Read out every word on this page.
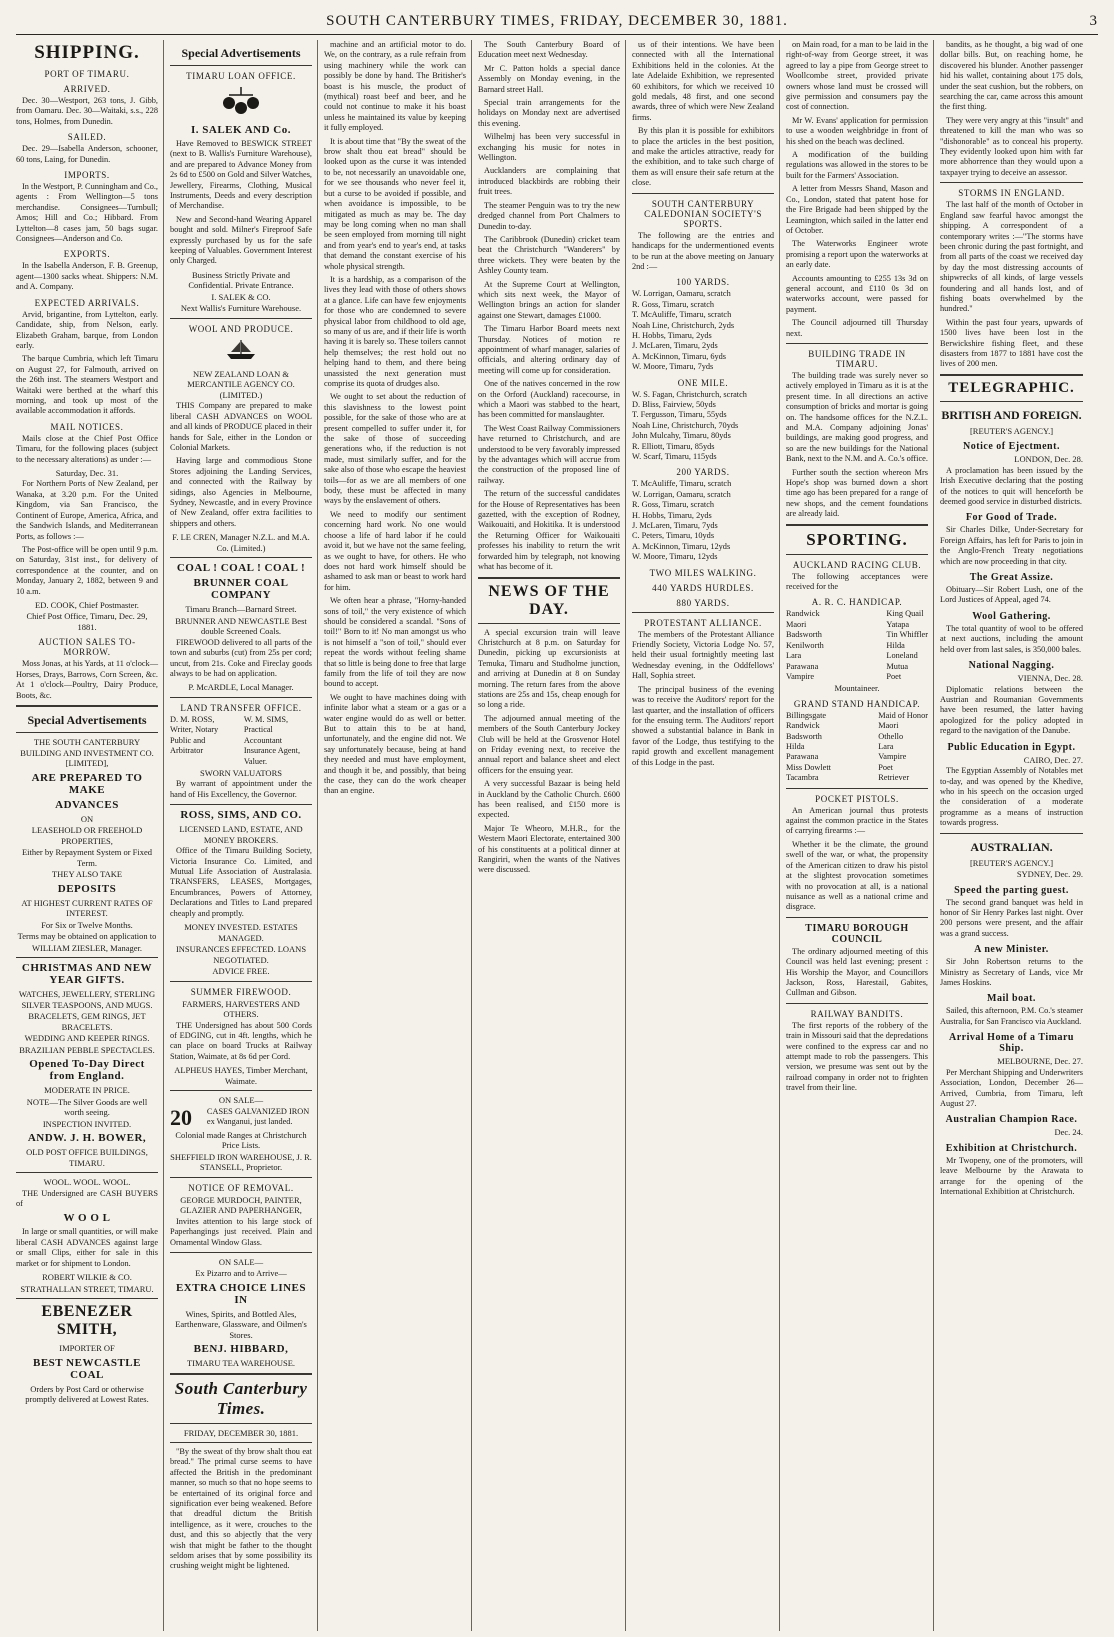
SOUTH CANTERBURY TIMES, FRIDAY, DECEMBER 30, 1881.	3
SHIPPING.
PORT OF TIMARU.
ARRIVED.

Dec. 30—Westport, 263 tons, J. Gibb, from Oamaru. Dec. 30—Waitaki, s.s., 228 tons, Holmes, from Dunedin.

SAILED.

Dec. 29—Isabella Anderson, schooner, 60 tons, Laing, for Dunedin.

IMPORTS.

In the Westport, P. Cunningham and Co., agents : From Wellington—5 tons merchandise. Consignees—Turnbull; Amos; Hill and Co.; Hibbard. From Lyttelton—8 cases jam, 50 bags sugar. Consignees—Anderson and Co.

EXPORTS.

In the Isabella Anderson, F. B. Greenup, agent—1300 sacks wheat. Shippers: N.M. and A. Company.

EXPECTED ARRIVALS.

Arvid, brigantine, from Lyttelton, early. Candidate, ship, from Nelson, early. Elizabeth Graham, barque, from London early.

The barque Cumbria, which left Timaru on August 27, for Falmouth, arrived on the 26th inst. The steamers Westport and Waitaki were berthed at the wharf this morning, and took up most of the available accommodation it affords.

MAIL NOTICES.

Mails close at the Chief Post Office Timaru, for the following places (subject to the necessary alterations) as under :—

Saturday, Dec. 31.

For Northern Ports of New Zealand, per Wanaka, at 3.20 p.m. For the United Kingdom, via San Francisco, the Continent of Europe, America, Africa, and the Sandwich Islands, and Mediterranean Ports, as follows :—

The Post-office will be open until 9 p.m. on Saturday, 31st inst., for delivery of correspondence at the counter, and on Monday, January 2, 1882, between 9 and 10 a.m.

ED. COOK, Chief Postmaster.
Chief Post Office, Timaru, Dec. 29, 1881.
AUCTION SALES TO-MORROW.

Moss Jonas, at his Yards, at 11 o'clock—Horses, Drays, Barrows, Corn Screen, &c. At 1 o'clock—Poultry, Dairy Produce, Boots, &c.

Special Advertisements
THE SOUTH CANTERBURY BUILDING AND INVESTMENT CO. [LIMITED],
ARE PREPARED TO MAKE
ADVANCES
ON
LEASEHOLD OR FREEHOLD PROPERTIES,
Either by Repayment System or Fixed Term.
THEY ALSO TAKE
DEPOSITS
AT HIGHEST CURRENT RATES OF INTEREST.
For Six or Twelve Months.
Terms may be obtained on application to
WILLIAM ZIESLER, Manager.
CHRISTMAS AND NEW YEAR GIFTS.
WATCHES, JEWELLERY, STERLING SILVER TEASPOONS, AND MUGS.
BRACELETS, GEM RINGS, JET BRACELETS.
WEDDING AND KEEPER RINGS.
BRAZILIAN PEBBLE SPECTACLES.
Opened To-Day Direct from England.
MODERATE IN PRICE.
NOTE—The Silver Goods are well worth seeing.
INSPECTION INVITED.
ANDW. J. H. BOWER,
OLD POST OFFICE BUILDINGS, TIMARU.
WOOL. WOOL. WOOL.

THE Undersigned are CASH BUYERS of

W O O L

In large or small quantities, or will make liberal CASH ADVANCES against large or small Clips, either for sale in this market or for shipment to London.

ROBERT WILKIE & CO.
STRATHALLAN STREET, TIMARU.
EBENEZER SMITH,
IMPORTER OF
BEST NEWCASTLE COAL
Orders by Post Card or otherwise promptly delivered at Lowest Rates.
Special Advertisements
TIMARU LOAN OFFICE.
I. SALEK AND Co.

Have Removed to BESWICK STREET (next to B. Wallis's Furniture Warehouse), and are prepared to Advance Money from 2s 6d to £500 on Gold and Silver Watches, Jewellery, Firearms, Clothing, Musical Instruments, Deeds and every description of Merchandise.

New and Second-hand Wearing Apparel bought and sold. Milner's Fireproof Safe expressly purchased by us for the safe keeping of Valuables. Government Interest only Charged.

Business Strictly Private and Confidential. Private Entrance.
I. SALEK & CO.
Next Wallis's Furniture Warehouse.
WOOL AND PRODUCE.
NEW ZEALAND LOAN & MERCANTILE AGENCY CO. (LIMITED.)

THIS Company are prepared to make liberal CASH ADVANCES on WOOL and all kinds of PRODUCE placed in their hands for Sale, either in the London or Colonial Markets.

Having large and commodious Stone Stores adjoining the Landing Services, and connected with the Railway by sidings, also Agencies in Melbourne, Sydney, Newcastle, and in every Province of New Zealand, offer extra facilities to shippers and others.

F. LE CREN, Manager N.Z.L. and M.A. Co. (Limited.)
COAL ! COAL ! COAL !
BRUNNER COAL COMPANY
Timaru Branch—Barnard Street.
BRUNNER AND NEWCASTLE Best double Screened Coals.

FIREWOOD delivered to all parts of the town and suburbs (cut) from 25s per cord; uncut, from 21s. Coke and Fireclay goods always to be had on application.

P. McARDLE, Local Manager.
LAND TRANSFER OFFICE.
D. M. ROSS, Writer, Notary Public and Arbitrator
W. M. SIMS, Practical Accountant Insurance Agent, Valuer.
SWORN VALUATORS

By warrant of appointment under the hand of His Excellency, the Governor.

ROSS, SIMS, AND CO.
LICENSED LAND, ESTATE, AND MONEY BROKERS.

Office of the Timaru Building Society, Victoria Insurance Co. Limited, and Mutual Life Association of Australasia. TRANSFERS, LEASES, Mortgages, Encumbrances, Powers of Attorney, Declarations and Titles to Land prepared cheaply and promptly.

MONEY INVESTED. ESTATES MANAGED.
INSURANCES EFFECTED. LOANS NEGOTIATED.
ADVICE FREE.
SUMMER FIREWOOD.
FARMERS, HARVESTERS AND OTHERS.

THE Undersigned has about 500 Cords of EDGING, cut in 4ft. lengths, which he can place on board Trucks at Railway Station, Waimate, at 8s 6d per Cord.

ALPHEUS HAYES, Timber Merchant, Waimate.
ON SALE—
20 CASES GALVANIZED IRON ex Wanganui, just landed.
Colonial made Ranges at Christchurch Price Lists.
SHEFFIELD IRON WAREHOUSE, J. R. STANSELL, Proprietor.
NOTICE OF REMOVAL.
GEORGE MURDOCH, PAINTER, GLAZIER AND PAPERHANGER,

Invites attention to his large stock of Paperhangings just received. Plain and Ornamental Window Glass.

ON SALE—
Ex Pizarro and to Arrive—
EXTRA CHOICE LINES IN
Wines, Spirits, and Bottled Ales, Earthenware, Glassware, and Oilmen's Stores.
BENJ. HIBBARD,
TIMARU TEA WAREHOUSE.
South Canterbury Times.
FRIDAY, DECEMBER 30, 1881.

"By the sweat of thy brow shalt thou eat bread." The primal curse seems to have affected the British in the predominant manner, so much so that no hope seems to be entertained of its original force and signification ever being weakened. Before that dreadful dictum the British intelligence, as it were, crouches to the dust, and this so abjectly that the very wish that might be father to the thought seldom arises that by some possibility its crushing weight might be lightened.

machine and an artificial motor to do. We, on the contrary, as a rule refrain from using machinery while the work can possibly be done by hand. The Britisher's boast is his muscle, the product of (mythical) roast beef and beer, and he could not continue to make it his boast unless he maintained its value by keeping it fully employed.

It is about time that "By the sweat of the brow shalt thou eat bread" should be looked upon as the curse it was intended to be, not necessarily an unavoidable one, for we see thousands who never feel it, but a curse to be avoided if possible, and when avoidance is impossible, to be mitigated as much as may be. The day may be long coming when no man shall be seen employed from morning till night and from year's end to year's end, at tasks that demand the constant exercise of his whole physical strength.

It is a hardship, as a comparison of the lives they lead with those of others shows at a glance. Life can have few enjoyments for those who are condemned to severe physical labor from childhood to old age, so many of us are, and if their life is worth having it is barely so. These toilers cannot help themselves; the rest hold out no helping hand to them, and there being unassisted the next generation must comprise its quota of drudges also.

We ought to set about the reduction of this slavishness to the lowest point possible, for the sake of those who are at present compelled to suffer under it, for the sake of those of succeeding generations who, if the reduction is not made, must similarly suffer, and for the sake also of those who escape the heaviest toils—for as we are all members of one body, these must be affected in many ways by the enslavement of others.

We need to modify our sentiment concerning hard work. No one would choose a life of hard labor if he could avoid it, but we have not the same feeling, as we ought to have, for others. He who does not hard work himself should be ashamed to ask man or beast to work hard for him.

We often hear a phrase, "Horny-handed sons of toil," the very existence of which should be considered a scandal. "Sons of toil!" Born to it! No man amongst us who is not himself a "son of toil," should ever repeat the words without feeling shame that so little is being done to free that large family from the life of toil they are now bound to accept.

We ought to have machines doing with infinite labor what a steam or a gas or a water engine would do as well or better. But to attain this to be at hand, unfortunately, and the engine did not. We say unfortunately because, being at hand they needed and must have employment, and though it be, and possibly, that being the case, they can do the work cheaper than an engine.

The South Canterbury Board of Education meet next Wednesday.

Mr C. Patton holds a special dance Assembly on Monday evening, in the Barnard street Hall.

Special train arrangements for the holidays on Monday next are advertised this evening.

Wilhelmj has been very successful in exchanging his music for notes in Wellington.

Aucklanders are complaining that introduced blackbirds are robbing their fruit trees.

The steamer Penguin was to try the new dredged channel from Port Chalmers to Dunedin to-day.

The Caribbrook (Dunedin) cricket team beat the Christchurch "Wanderers" by three wickets. They were beaten by the Ashley County team.

At the Supreme Court at Wellington, which sits next week, the Mayor of Wellington brings an action for slander against one Stewart, damages £1000.

The Timaru Harbor Board meets next Thursday. Notices of motion re appointment of wharf manager, salaries of officials, and altering ordinary day of meeting will come up for consideration.

One of the natives concerned in the row on the Orford (Auckland) racecourse, in which a Maori was stabbed to the heart, has been committed for manslaughter.

The West Coast Railway Commissioners have returned to Christchurch, and are understood to be very favorably impressed by the advantages which will accrue from the construction of the proposed line of railway.

The return of the successful candidates for the House of Representatives has been gazetted, with the exception of Rodney, Waikouaiti, and Hokitika. It is understood the Returning Officer for Waikouaiti professes his inability to return the writ forwarded him by telegraph, not knowing what has become of it.

NEWS OF THE DAY.

A special excursion train will leave Christchurch at 8 p.m. on Saturday for Dunedin, picking up excursionists at Temuka, Timaru and Studholme junction, and arriving at Dunedin at 8 on Sunday morning. The return fares from the above stations are 25s and 15s, cheap enough for so long a ride.

The adjourned annual meeting of the members of the South Canterbury Jockey Club will be held at the Grosvenor Hotel on Friday evening next, to receive the annual report and balance sheet and elect officers for the ensuing year.

A very successful Bazaar is being held in Auckland by the Catholic Church. £600 has been realised, and £150 more is expected.

Major Te Wheoro, M.H.R., for the Western Maori Electorate, entertained 300 of his constituents at a political dinner at Rangiriri, when the wants of the Natives were discussed.

us of their intentions. We have been connected with all the International Exhibitions held in the colonies. At the late Adelaide Exhibition, we represented 60 exhibitors, for which we received 10 gold medals, 48 first, and one second awards, three of which were New Zealand firms.

By this plan it is possible for exhibitors to place the articles in the best position, and make the articles attractive, ready for the exhibition, and to take such charge of them as will ensure their safe return at the close.

SOUTH CANTERBURY CALEDONIAN SOCIETY'S SPORTS.

The following are the entries and handicaps for the undermentioned events to be run at the above meeting on January 2nd :—

100 YARDS.
W. Lorrigan, Oamaru, scratch
R. Goss, Timaru, scratch
T. McAuliffe, Timaru, scratch
Noah Line, Christchurch, 2yds
H. Hobbs, Timaru, 2yds
J. McLaren, Timaru, 2yds
A. McKinnon, Timaru, 6yds
W. Moore, Timaru, 7yds
ONE MILE.
W. S. Fagan, Christchurch, scratch
D. Bliss, Fairview, 50yds
T. Fergusson, Timaru, 55yds
Noah Line, Christchurch, 70yds
John Mulcahy, Timaru, 80yds
R. Elliott, Timaru, 85yds
W. Scarf, Timaru, 115yds
200 YARDS.
T. McAuliffe, Timaru, scratch
W. Lorrigan, Oamaru, scratch
R. Goss, Timaru, scratch
H. Hobbs, Timaru, 2yds
J. McLaren, Timaru, 7yds
C. Peters, Timaru, 10yds
A. McKinnon, Timaru, 12yds
W. Moore, Timaru, 12yds
TWO MILES WALKING.
440 YARDS HURDLES.
880 YARDS.
PROTESTANT ALLIANCE.

The members of the Protestant Alliance Friendly Society, Victoria Lodge No. 57, held their usual fortnightly meeting last Wednesday evening, in the Oddfellows' Hall, Sophia street.

The principal business of the evening was to receive the Auditors' report for the last quarter, and the installation of officers for the ensuing term. The Auditors' report showed a substantial balance in Bank in favor of the Lodge, thus testifying to the rapid growth and excellent management of this Lodge in the past.

on Main road, for a man to be laid in the right-of-way from George street, it was agreed to lay a pipe from George street to Woollcombe street, provided private owners whose land must be crossed will give permission and consumers pay the cost of connection.

Mr W. Evans' application for permission to use a wooden weighbridge in front of his shed on the beach was declined.

A modification of the building regulations was allowed in the stores to be built for the Farmers' Association.

A letter from Messrs Shand, Mason and Co., London, stated that patent hose for the Fire Brigade had been shipped by the Leamington, which sailed in the latter end of October.

The Waterworks Engineer wrote promising a report upon the waterworks at an early date.

Accounts amounting to £255 13s 3d on general account, and £110 0s 3d on waterworks account, were passed for payment.

The Council adjourned till Thursday next.

BUILDING TRADE IN TIMARU.

The building trade was surely never so actively employed in Timaru as it is at the present time. In all directions an active consumption of bricks and mortar is going on. The handsome offices for the N.Z.L. and M.A. Company adjoining Jonas' buildings, are making good progress, and so are the new buildings for the National Bank, next to the N.M. and A. Co.'s office.

Further south the section whereon Mrs Hope's shop was burned down a short time ago has been prepared for a range of new shops, and the cement foundations are already laid.

SPORTING.
AUCKLAND RACING CLUB.

The following acceptances were received for the

A. R. C. HANDICAP.
Randwick
Maori
Badsworth
Kenilworth
Lara
Parawana
Vampire
King Quail
Yatapa
Tin Whiffler
Hilda
Loneland
Mutua
Poet
Mountaineer.
GRAND STAND HANDICAP.
Billingsgate
Randwick
Badsworth
Hilda
Parawana
Miss Dowlett
Tacambra
Maid of Honor
Maori
Othello
Lara
Vampire
Poet
Retriever
POCKET PISTOLS.

An American journal thus protests against the common practice in the States of carrying firearms :—

Whether it be the climate, the ground swell of the war, or what, the propensity of the American citizen to draw his pistol at the slightest provocation sometimes with no provocation at all, is a national nuisance as well as a national crime and disgrace.

TIMARU BOROUGH COUNCIL

The ordinary adjourned meeting of this Council was held last evening; present : His Worship the Mayor, and Councillors Jackson, Ross, Harestail, Gabites, Cullman and Gibson.

RAILWAY BANDITS.

The first reports of the robbery of the train in Missouri said that the depredations were confined to the express car and no attempt made to rob the passengers. This version, we presume was sent out by the railroad company in order not to frighten travel from their line.

bandits, as he thought, a big wad of one dollar bills. But, on reaching home, he discovered his blunder. Another passenger hid his wallet, containing about 175 dols, under the seat cushion, but the robbers, on searching the car, came across this amount the first thing.

They were very angry at this "insult" and threatened to kill the man who was so "dishonorable" as to conceal his property. They evidently looked upon him with far more abhorrence than they would upon a taxpayer trying to deceive an assessor.

STORMS IN ENGLAND.

The last half of the month of October in England saw fearful havoc amongst the shipping. A correspondent of a contemporary writes :—"The storms have been chronic during the past fortnight, and from all parts of the coast we received day by day the most distressing accounts of shipwrecks of all kinds, of large vessels foundering and all hands lost, and of fishing boats overwhelmed by the hundred."

Within the past four years, upwards of 1500 lives have been lost in the Berwickshire fishing fleet, and these disasters from 1877 to 1881 have cost the lives of 200 men.

TELEGRAPHIC.
BRITISH AND FOREIGN.
[REUTER'S AGENCY.]
Notice of Ejectment.
LONDON, Dec. 28.

A proclamation has been issued by the Irish Executive declaring that the posting of the notices to quit will henceforth be deemed good service in disturbed districts.

For Good of Trade.

Sir Charles Dilke, Under-Secretary for Foreign Affairs, has left for Paris to join in the Anglo-French Treaty negotiations which are now proceeding in that city.

The Great Assize.

Obituary—Sir Robert Lush, one of the Lord Justices of Appeal, aged 74.

Wool Gathering.

The total quantity of wool to be offered at next auctions, including the amount held over from last sales, is 350,000 bales.

National Nagging.
VIENNA, Dec. 28.

Diplomatic relations between the Austrian and Roumanian Governments have been resumed, the latter having apologized for the policy adopted in regard to the navigation of the Danube.

Public Education in Egypt.
CAIRO, Dec. 27.

The Egyptian Assembly of Notables met to-day, and was opened by the Khedive, who in his speech on the occasion urged the consideration of a moderate programme as a means of instruction towards progress.

AUSTRALIAN.
[REUTER'S AGENCY.]
SYDNEY, Dec. 29.
Speed the parting guest.

The second grand banquet was held in honor of Sir Henry Parkes last night. Over 200 persons were present, and the affair was a grand success.

A new Minister.

Sir John Robertson returns to the Ministry as Secretary of Lands, vice Mr James Hoskins.

Mail boat.

Sailed, this afternoon, P.M. Co.'s steamer Australia, for San Francisco via Auckland.

Arrival Home of a Timaru Ship.
MELBOURNE, Dec. 27.

Per Merchant Shipping and Underwriters Association, London, December 26—Arrived, Cumbria, from Timaru, left August 27.

Australian Champion Race.
Dec. 24.
Exhibition at Christchurch.

Mr Twopeny, one of the promoters, will leave Melbourne by the Arawata to arrange for the opening of the International Exhibition at Christchurch.
